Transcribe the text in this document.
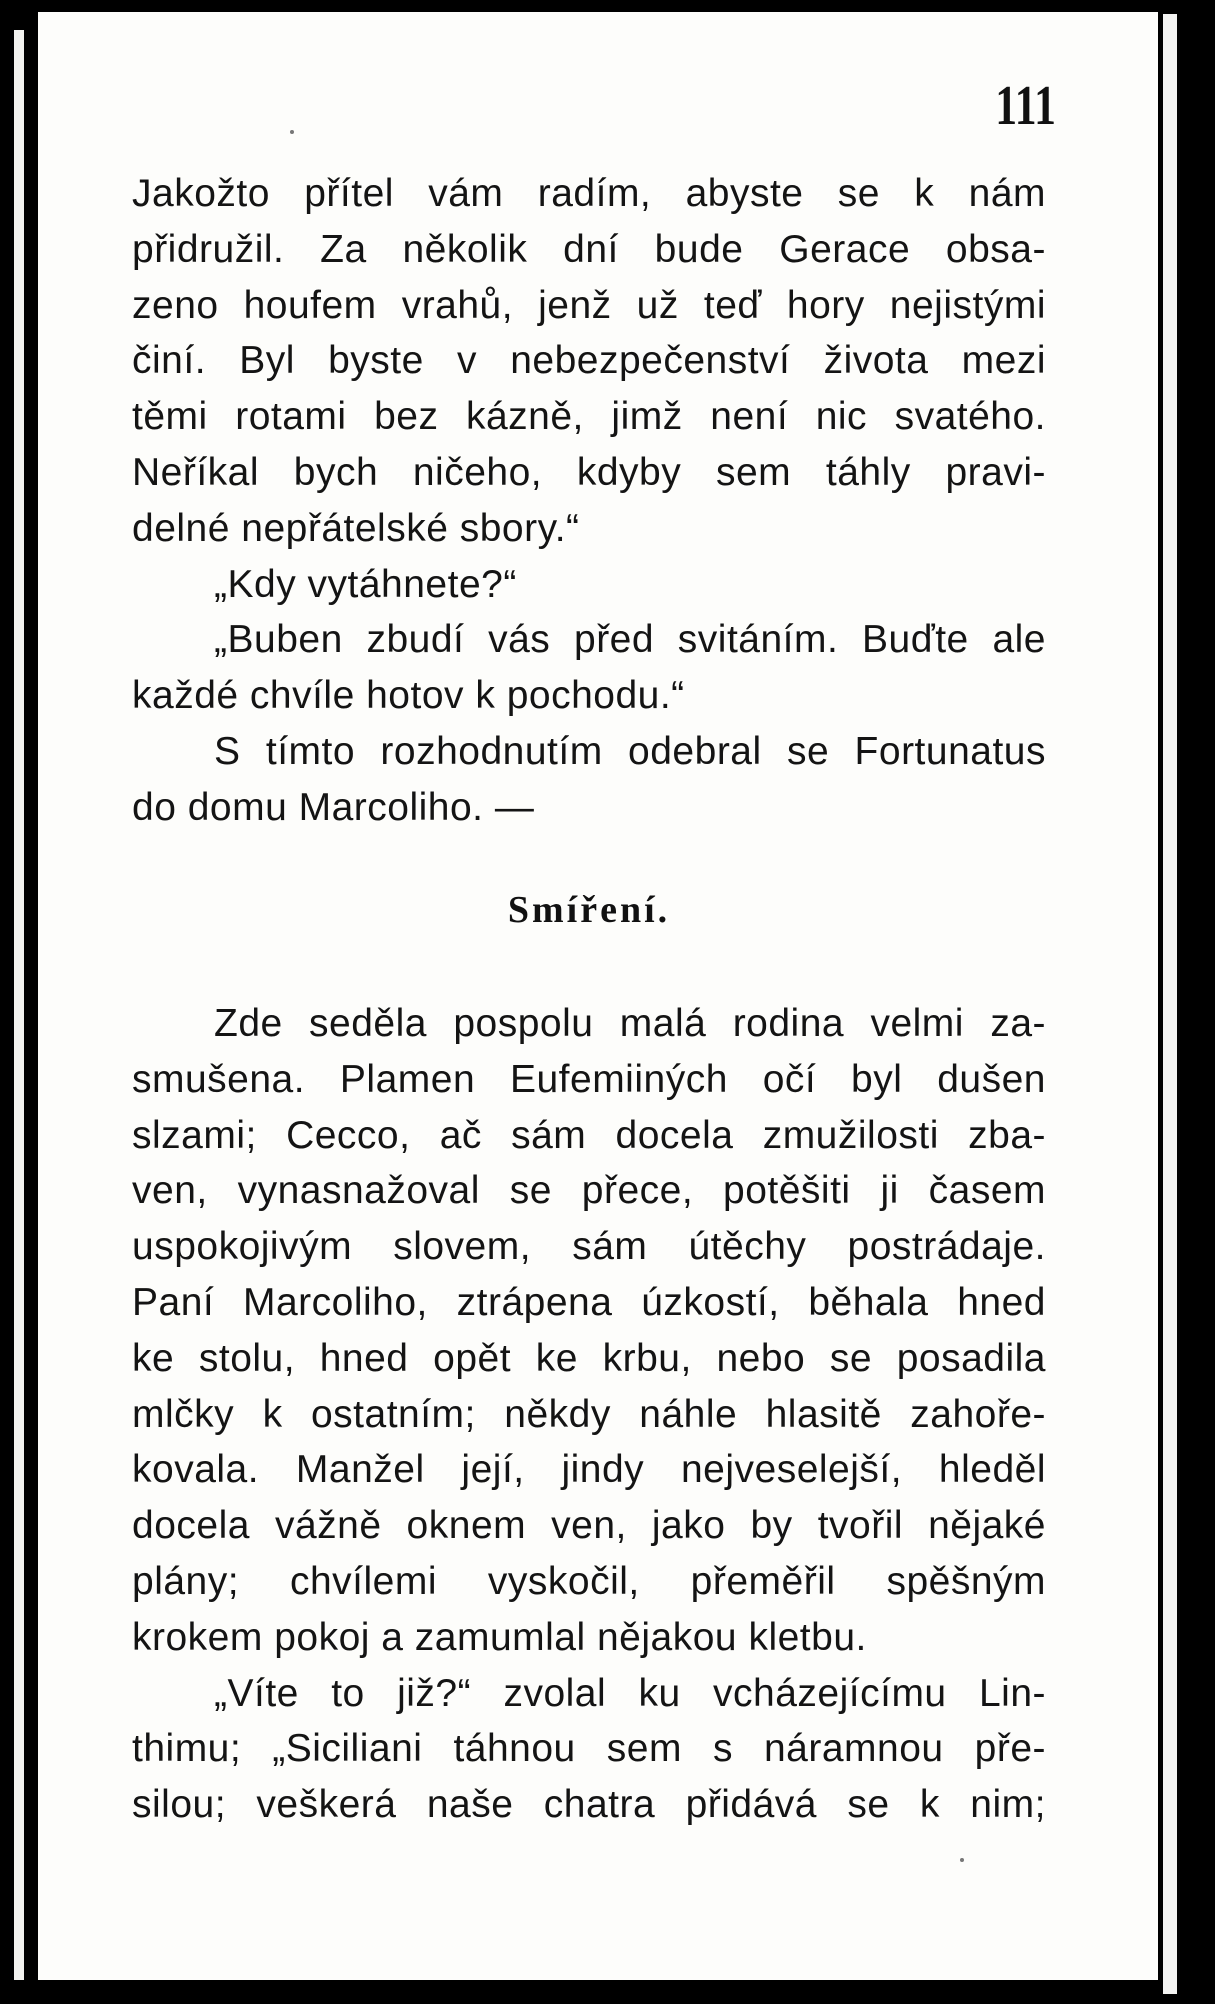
111
Jakožto přítel vám radím, abyste se k nám
přidružil. Za několik dní bude Gerace obsa-
zeno houfem vrahů, jenž už teď hory nejistými
činí. Byl byste v nebezpečenství života mezi
těmi rotami bez kázně, jimž není nic svatého.
Neříkal bych ničeho, kdyby sem táhly pravi-
delné nepřátelské sbory.“
„Kdy vytáhnete?“
„Buben zbudí vás před svitáním. Buďte ale
každé chvíle hotov k pochodu.“
S tímto rozhodnutím odebral se Fortunatus
do domu Marcoliho. —
Smíření.
Zde seděla pospolu malá rodina velmi za-
smušena. Plamen Eufemiiných očí byl dušen
slzami; Cecco, ač sám docela zmužilosti zba-
ven, vynasnažoval se přece, potěšiti ji časem
uspokojivým slovem, sám útěchy postrádaje.
Paní Marcoliho, ztrápena úzkostí, běhala hned
ke stolu, hned opět ke krbu, nebo se posadila
mlčky k ostatním; někdy náhle hlasitě zahoře-
kovala. Manžel její, jindy nejveselejší, hleděl
docela vážně oknem ven, jako by tvořil nějaké
plány; chvílemi vyskočil, přeměřil spěšným
krokem pokoj a zamumlal nějakou kletbu.
„Víte to již?“ zvolal ku vcházejícímu Lin-
thimu; „Siciliani táhnou sem s náramnou pře-
silou; veškerá naše chatra přidává se k nim;
